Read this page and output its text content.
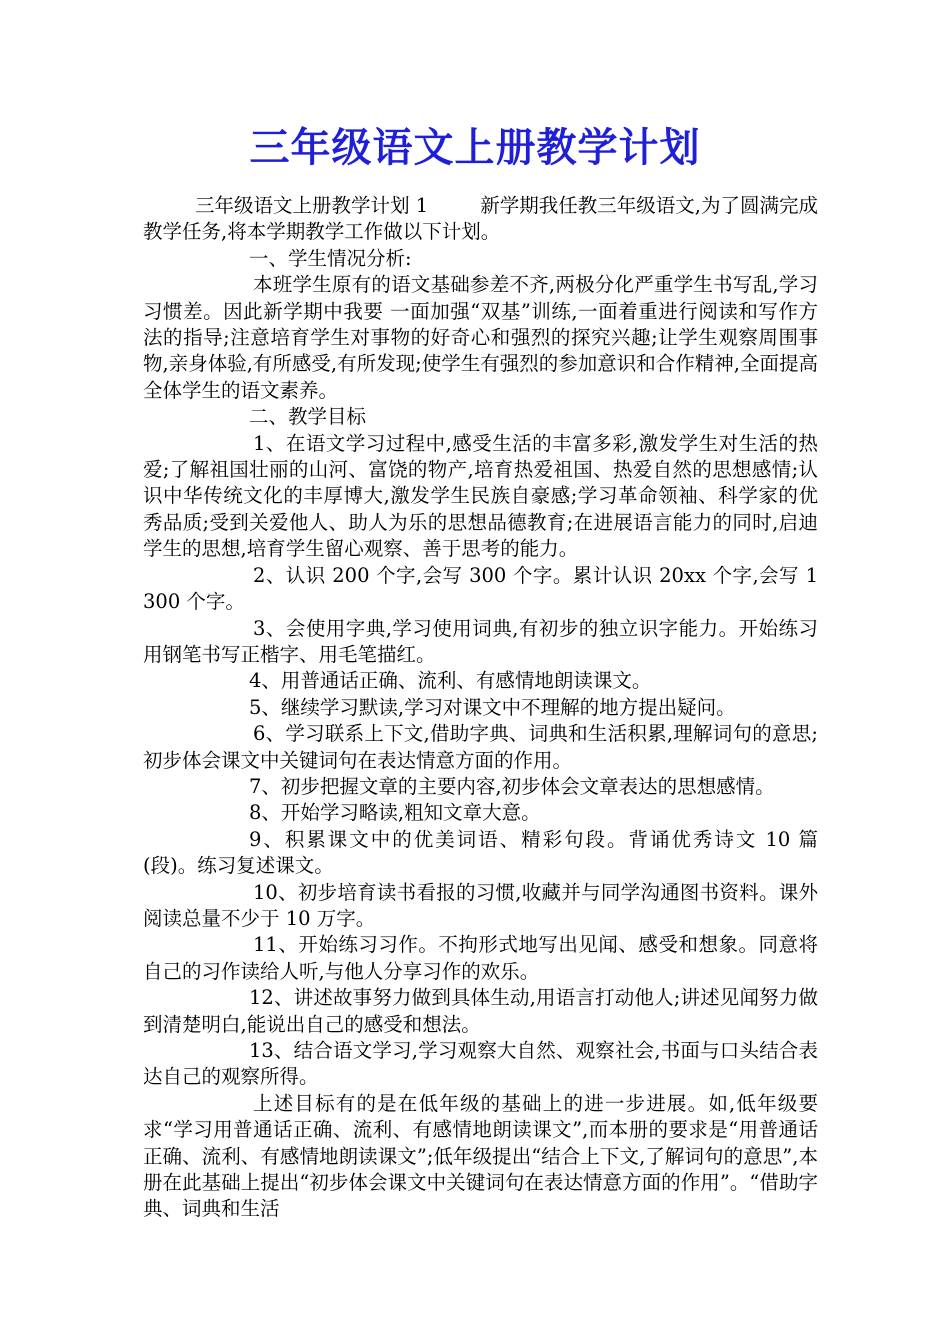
三年级语文上册教学计划

三年级语文上册教学计划 1	新学期我任教三年级语文,为了圆满完成教学任务,将本学期教学工作做以下计划。

一、学生情况分析:

本班学生原有的语文基础参差不齐,两极分化严重学生书写乱,学习习惯差。因此新学期中我要 一面加强“双基”训练,一面着重进行阅读和写作方法的指导;注意培育学生对事物的好奇心和强烈的探究兴趣;让学生观察周围事物,亲身体验,有所感受,有所发现;使学生有强烈的参加意识和合作精神,全面提高全体学生的语文素养。

二、教学目标

1、在语文学习过程中,感受生活的丰富多彩,激发学生对生活的热爱;了解祖国壮丽的山河、富饶的物产,培育热爱祖国、热爱自然的思想感情;认识中华传统文化的丰厚博大,激发学生民族自豪感;学习革命领袖、科学家的优秀品质;受到关爱他人、助人为乐的思想品德教育;在进展语言能力的同时,启迪学生的思想,培育学生留心观察、善于思考的能力。

2、认识 200 个字,会写 300 个字。累计认识 20xx 个字,会写 1300 个字。

3、会使用字典,学习使用词典,有初步的独立识字能力。开始练习用钢笔书写正楷字、用毛笔描红。

4、用普通话正确、流利、有感情地朗读课文。

5、继续学习默读,学习对课文中不理解的地方提出疑问。

6、学习联系上下文,借助字典、词典和生活积累,理解词句的意思;初步体会课文中关键词句在表达情意方面的作用。

7、初步把握文章的主要内容,初步体会文章表达的思想感情。

8、开始学习略读,粗知文章大意。

9、积累课文中的优美词语、精彩句段。背诵优秀诗文 10 篇(段)。练习复述课文。

10、初步培育读书看报的习惯,收藏并与同学沟通图书资料。课外阅读总量不少于 10 万字。

11、开始练习习作。不拘形式地写出见闻、感受和想象。同意将自己的习作读给人听,与他人分享习作的欢乐。

12、讲述故事努力做到具体生动,用语言打动他人;讲述见闻努力做到清楚明白,能说出自己的感受和想法。

13、结合语文学习,学习观察大自然、观察社会,书面与口头结合表达自己的观察所得。

上述目标有的是在低年级的基础上的进一步进展。如,低年级要求“学习用普通话正确、流利、有感情地朗读课文”,而本册的要求是“用普通话正确、流利、有感情地朗读课文”;低年级提出“结合上下文,了解词句的意思”,本册在此基础上提出“初步体会课文中关键词句在表达情意方面的作用”。“借助字典、词典和生活
